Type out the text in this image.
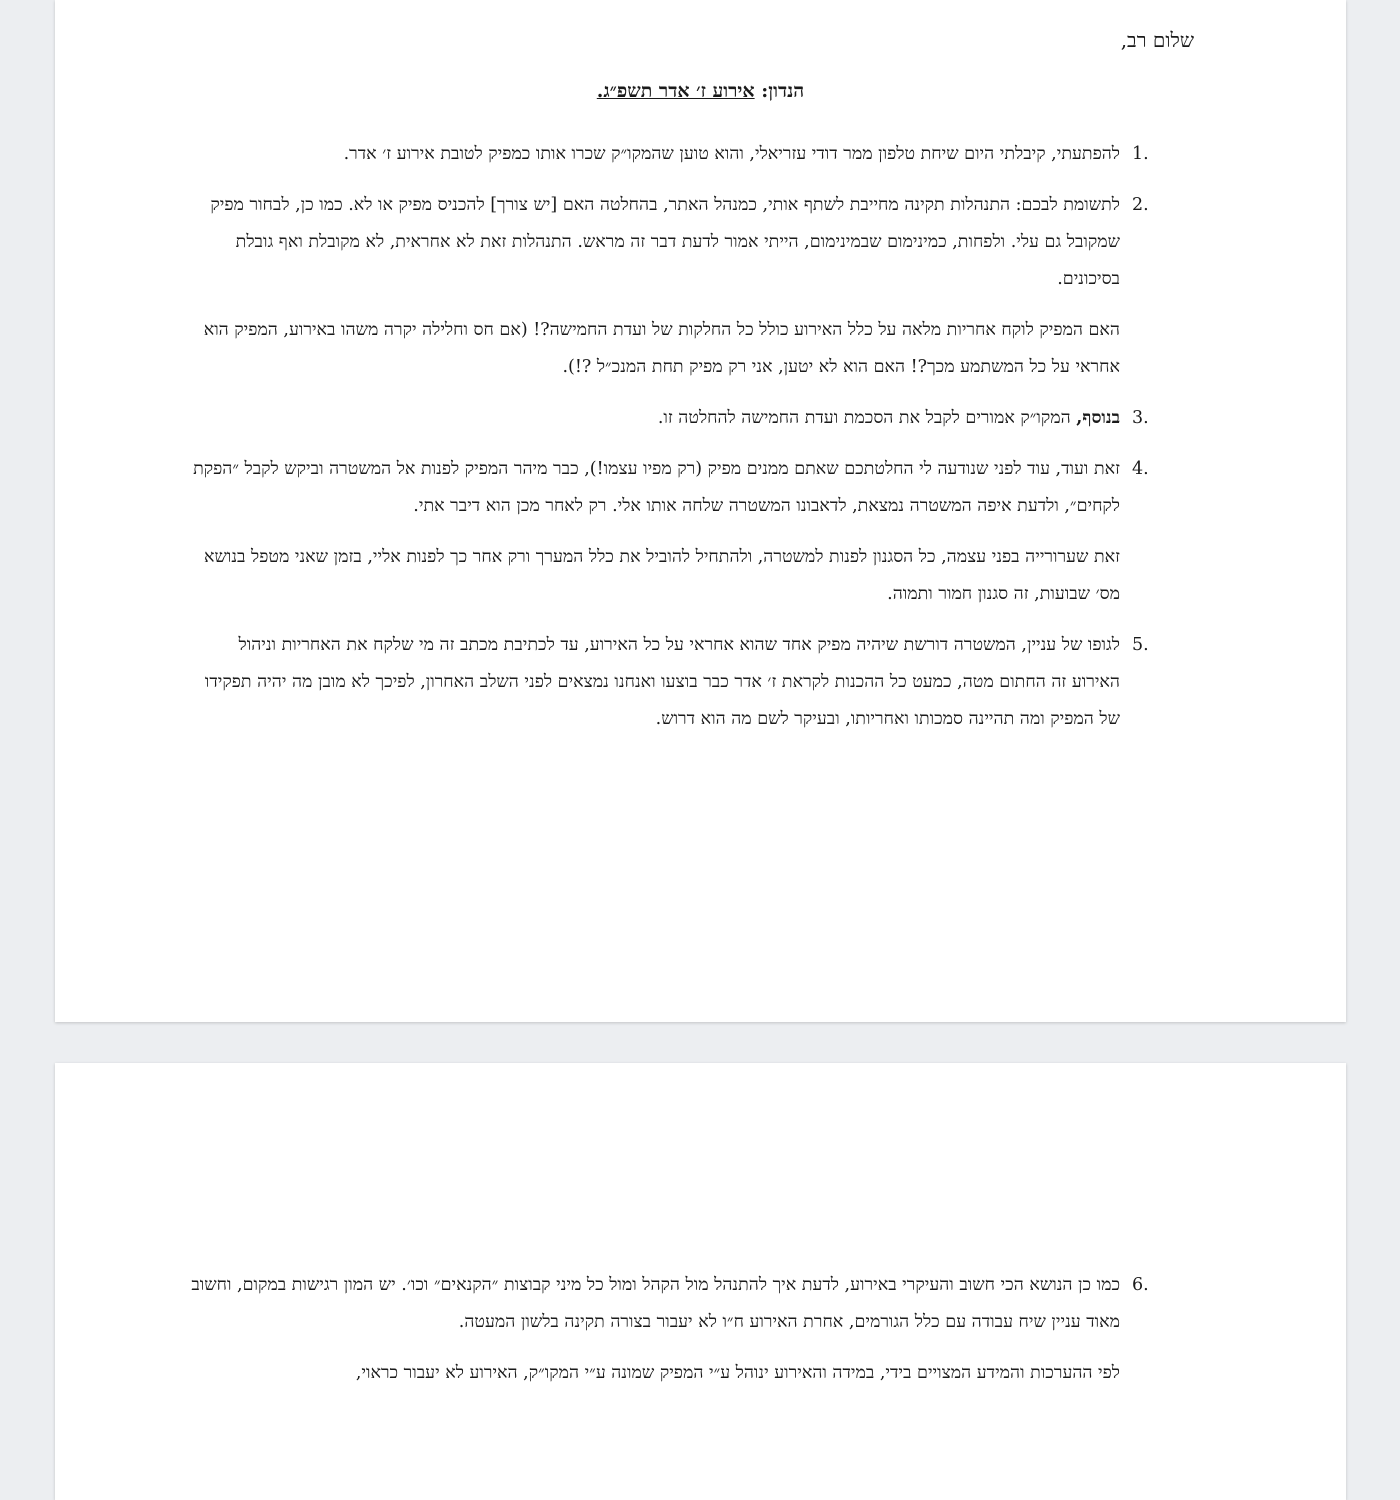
שלום רב,

הנדון: אירוע ז׳ אדר תשפ״ג.

1.
להפתעתי, קיבלתי היום שיחת טלפון ממר דודי עזריאלי, והוא טוען שהמקו״ק שכרו אותו כמפיק לטובת אירוע ז׳ אדר.
2.
לתשומת לבכם: התנהלות תקינה מחייבת לשתף אותי, כמנהל האתר, בהחלטה האם [יש צורך] להכניס מפיק או לא. כמו כן, לבחור מפיק שמקובל גם עלי. ולפחות, כמינימום שבמינימום, הייתי אמור לדעת דבר זה מראש. התנהלות זאת לא אחראית, לא מקובלת ואף גובלת בסיכונים.

האם המפיק לוקח אחריות מלאה על כלל האירוע כולל כל החלקות של ועדת החמישה?! (אם חס וחלילה יקרה משהו באירוע, המפיק הוא אחראי על כל המשתמע מכך?! האם הוא לא יטען, אני רק מפיק תחת המנכ״ל ?!).

3.
בנוסף, המקו״ק אמורים לקבל את הסכמת ועדת החמישה להחלטה זו.
4.
זאת ועוד, עוד לפני שנודעה לי החלטתכם שאתם ממנים מפיק (רק מפיו עצמו!), כבר מיהר המפיק לפנות אל המשטרה וביקש לקבל ״הפקת לקחים״, ולדעת איפה המשטרה נמצאת, לדאבונו המשטרה שלחה אותו אלי. רק לאחר מכן הוא דיבר אתי.

זאת שערורייה בפני עצמה, כל הסגנון לפנות למשטרה, ולהתחיל להוביל את כלל המערך ורק אחר כך לפנות אליי, בזמן שאני מטפל בנושא מס׳ שבועות, זה סגנון חמור ותמוה.

5.
לגופו של עניין, המשטרה דורשת שיהיה מפיק אחד שהוא אחראי על כל האירוע, עד לכתיבת מכתב זה מי שלקח את האחריות וניהול האירוע זה החתום מטה, כמעט כל ההכנות לקראת ז׳ אדר כבר בוצעו ואנחנו נמצאים לפני השלב האחרון, לפיכך לא מובן מה יהיה תפקידו של המפיק ומה תהיינה סמכותו ואחריותו, ובעיקר לשם מה הוא דרוש.
6.
כמו כן הנושא הכי חשוב והעיקרי באירוע, לדעת איך להתנהל מול הקהל ומול כל מיני קבוצות ״הקנאים״ וכו׳. יש המון רגישות במקום, וחשוב מאוד עניין שיח עבודה עם כלל הגורמים, אחרת האירוע ח״ו לא יעבור בצורה תקינה בלשון המעטה.

לפי ההערכות והמידע המצויים בידי, במידה והאירוע ינוהל ע״י המפיק שמונה ע״י המקו״ק, האירוע לא יעבור כראוי,
